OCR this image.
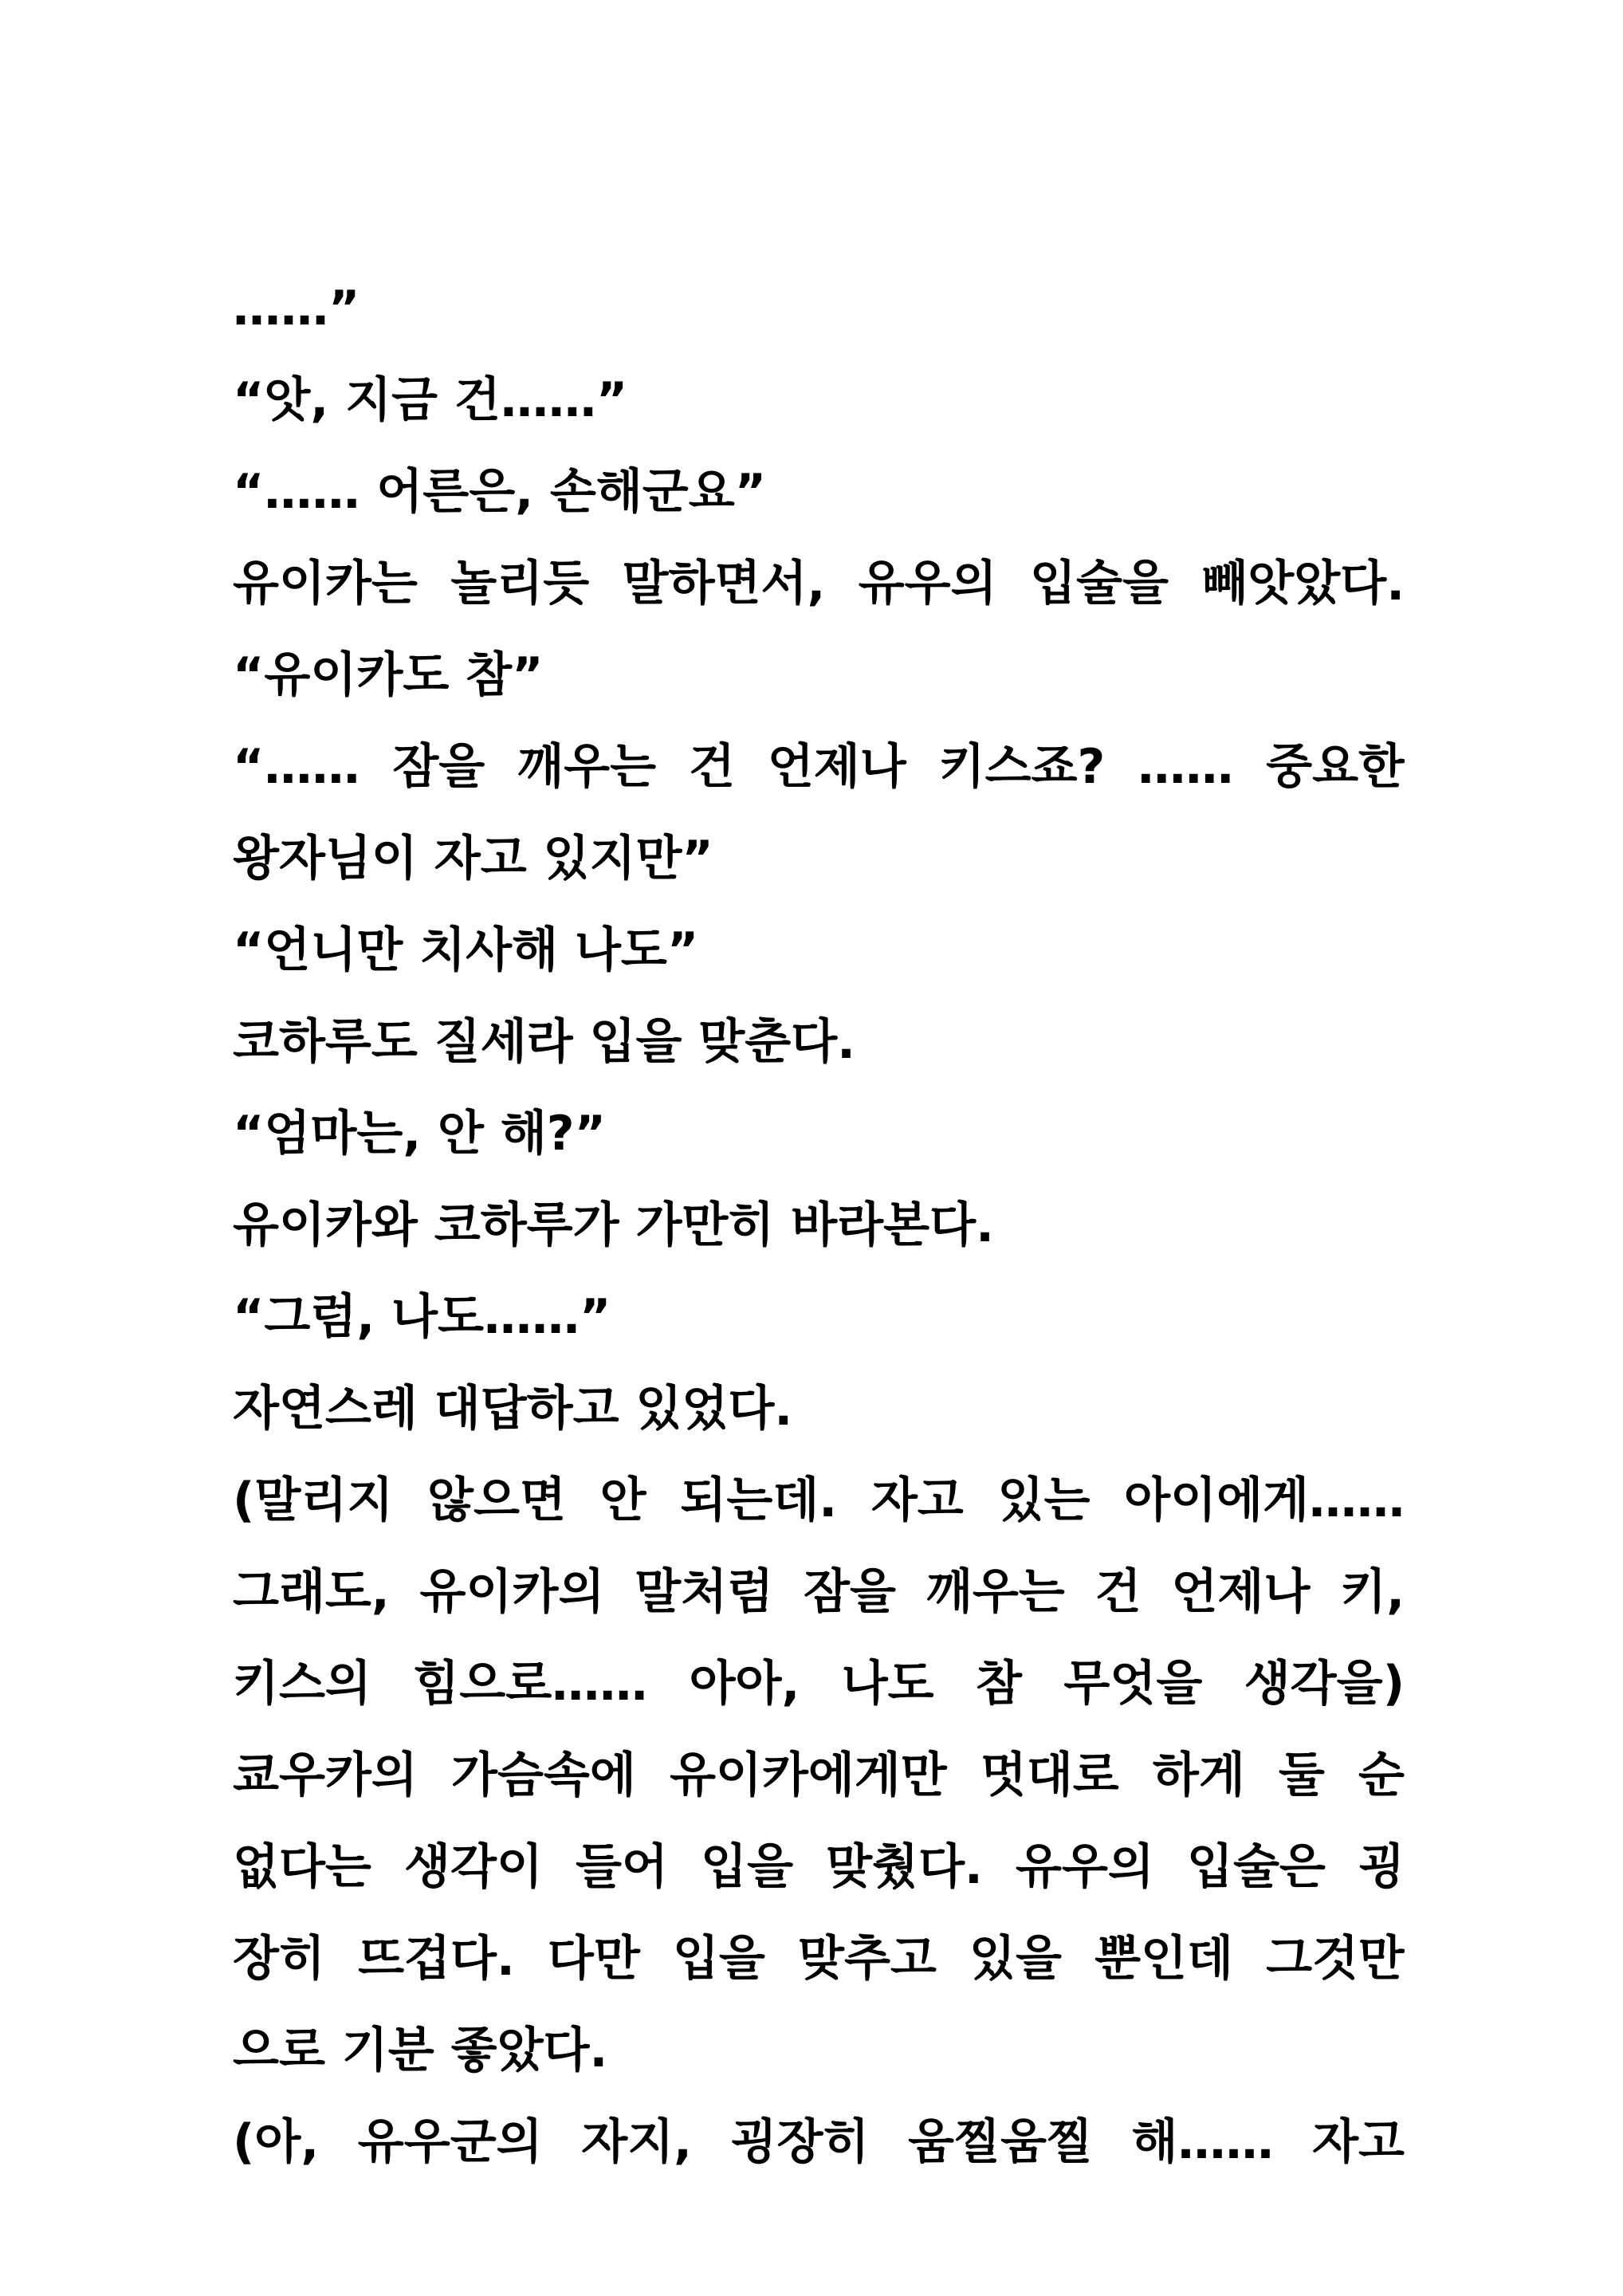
……”
“앗, 지금 건……”
“…… 어른은, 손해군요”
유이카는 놀리듯 말하면서, 유우의 입술을 빼앗았다.
“유이카도 참”
“…… 잠을 깨우는 건 언제나 키스죠? …… 중요한
왕자님이 자고 있지만”
“언니만 치사해 나도”
코하루도 질세라 입을 맞춘다.
“엄마는, 안 해?”
유이카와 코하루가 가만히 바라본다.
“그럼, 나도……”
자연스레 대답하고 있었다.
(말리지 않으면 안 되는데. 자고 있는 아이에게……
그래도, 유이카의 말처럼 잠을 깨우는 건 언제나 키,
키스의 힘으로…… 아아, 나도 참 무엇을 생각을)
쿄우카의 가슴속에 유이카에게만 멋대로 하게 둘 순
없다는 생각이 들어 입을 맞췄다. 유우의 입술은 굉
장히 뜨겁다. 다만 입을 맞추고 있을 뿐인데 그것만
으로 기분 좋았다.
(아, 유우군의 자지, 굉장히 움찔움찔 해…… 자고
